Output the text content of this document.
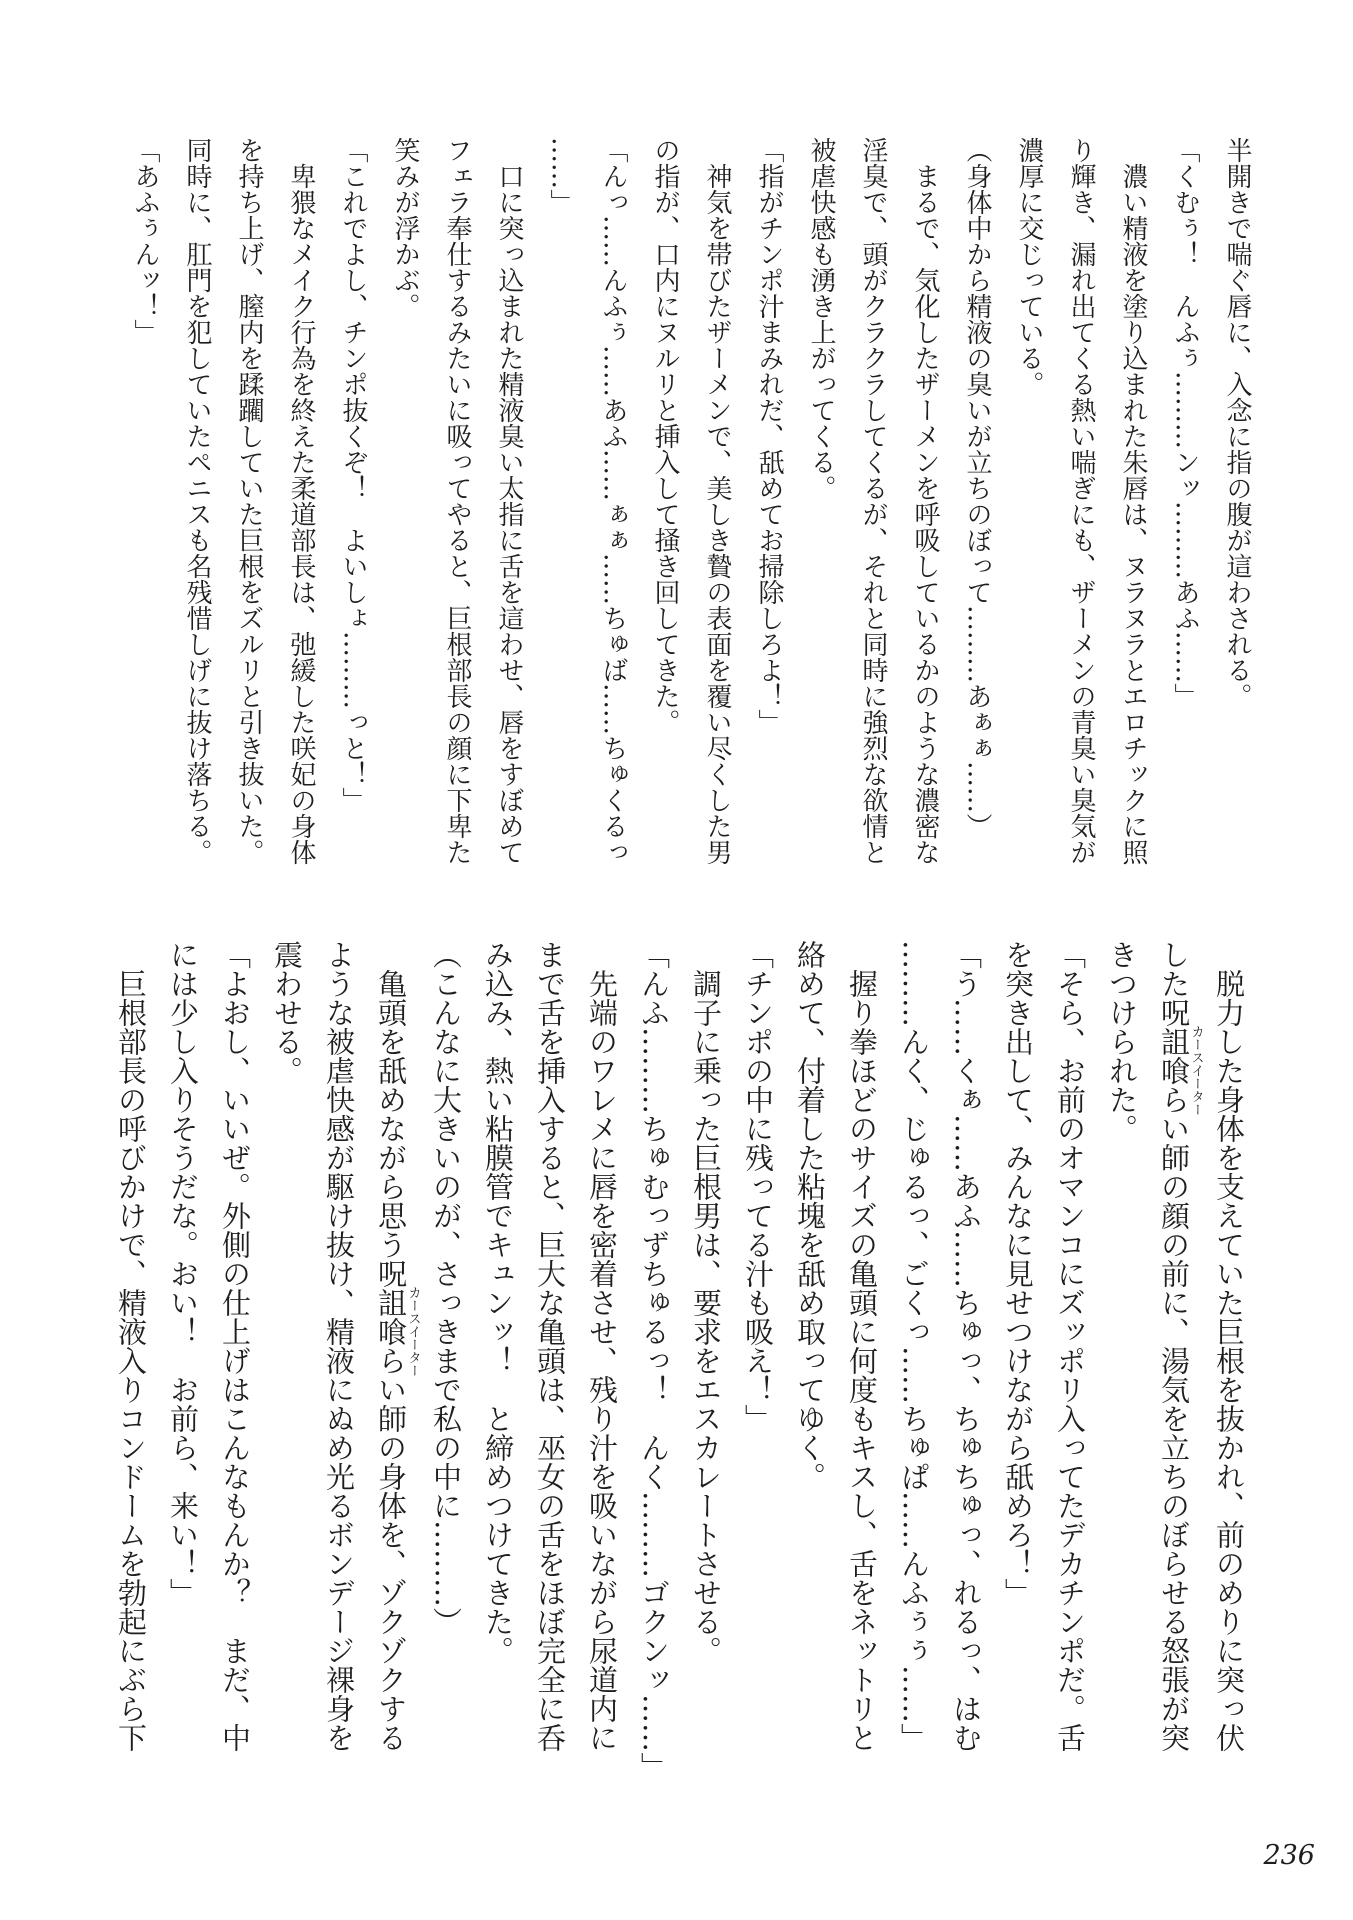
半開きで喘ぐ唇に、入念に指の腹が這わされる。
「くむぅ！　んふぅ………ンッ………あふ……」
濃い精液を塗り込まれた朱唇は、ヌラヌラとエロチックに照
り輝き、漏れ出てくる熱い喘ぎにも、ザーメンの青臭い臭気が
濃厚に交じっている。
（身体中から精液の臭いが立ちのぼって………あぁぁ……）
まるで、気化したザーメンを呼吸しているかのような濃密な
淫臭で、頭がクラクラしてくるが、それと同時に強烈な欲情と
被虐快感も湧き上がってくる。
「指がチンポ汁まみれだ、舐めてお掃除しろよ！」
神気を帯びたザーメンで、美しき贄の表面を覆い尽くした男
の指が、口内にヌルリと挿入して掻き回してきた。
「んっ……んふぅ……あふ……ぁぁ……ちゅば……ちゅくるっ
……」
口に突っ込まれた精液臭い太指に舌を這わせ、唇をすぼめて
フェラ奉仕するみたいに吸ってやると、巨根部長の顔に下卑た
笑みが浮かぶ。
「これでよし、チンポ抜くぞ！　よいしょ………っと！」
卑猥なメイク行為を終えた柔道部長は、弛緩した咲妃の身体
を持ち上げ、膣内を蹂躙していた巨根をズルリと引き抜いた。
同時に、肛門を犯していたペニスも名残惜しげに抜け落ちる。
「あふぅんッ！」
脱力した身体を支えていた巨根を抜かれ、前のめりに突っ伏
した呪詛喰らいカースイーター師の顔の前に、湯気を立ちのぼらせる怒張が突
きつけられた。
「そら、お前のオマンコにズッポリ入ってたデカチンポだ。舌
を突き出して、みんなに見せつけながら舐めろ！」
「う……くぁ……あふ……ちゅっ、ちゅちゅっ、れるっ、はむ
………んく、じゅるっ、ごくっ……ちゅぱ……んふぅぅ……」
握り拳ほどのサイズの亀頭に何度もキスし、舌をネットリと
絡めて、付着した粘塊を舐め取ってゆく。
「チンポの中に残ってる汁も吸え！」
調子に乗った巨根男は、要求をエスカレートさせる。
「んふ………ちゅむっずちゅるっ！　んく………ゴクンッ……」
先端のワレメに唇を密着させ、残り汁を吸いながら尿道内に
まで舌を挿入すると、巨大な亀頭は、巫女の舌をほぼ完全に呑
み込み、熱い粘膜管でキュンッ！　と締めつけてきた。
（こんなに大きいのが、さっきまで私の中に………）
亀頭を舐めながら思う呪詛喰らいカースイーター師の身体を、ゾクゾクする
ような被虐快感が駆け抜け、精液にぬめ光るボンデージ裸身を
震わせる。
「よおし、いいぜ。外側の仕上げはこんなもんか？　まだ、中
には少し入りそうだな。おい！　お前ら、来い！」
巨根部長の呼びかけで、精液入りコンドームを勃起にぶら下
236
